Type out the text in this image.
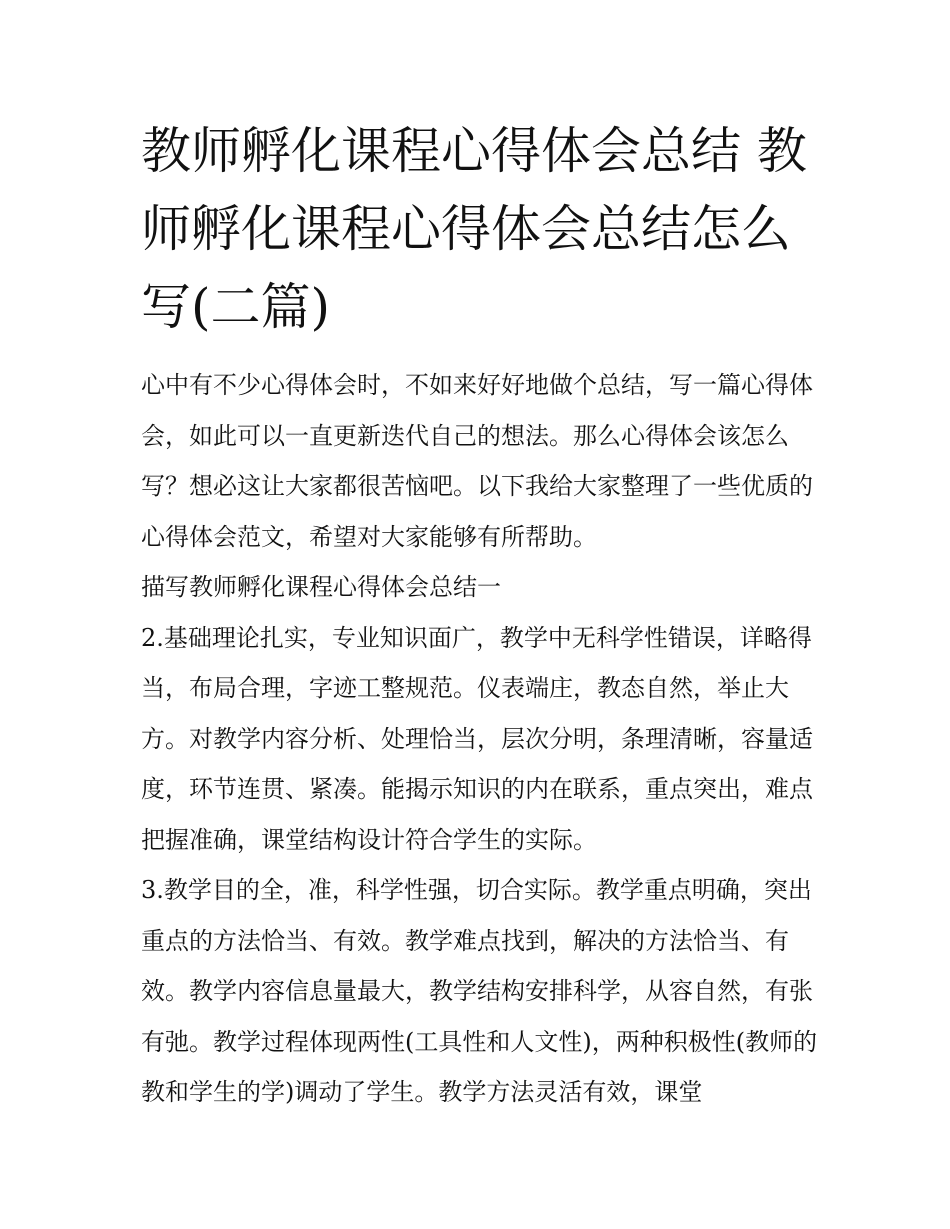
教师孵化课程心得体会总结 教师孵化课程心得体会总结怎么写(二篇)

心中有不少心得体会时，不如来好好地做个总结，写一篇心得体会，如此可以一直更新迭代自己的想法。那么心得体会该怎么写？想必这让大家都很苦恼吧。以下我给大家整理了一些优质的心得体会范文，希望对大家能够有所帮助。

描写教师孵化课程心得体会总结一

2.基础理论扎实，专业知识面广，教学中无科学性错误，详略得当，布局合理，字迹工整规范。仪表端庄，教态自然，举止大方。对教学内容分析、处理恰当，层次分明，条理清晰，容量适度，环节连贯、紧凑。能揭示知识的内在联系，重点突出，难点把握准确，课堂结构设计符合学生的实际。

3.教学目的全，准，科学性强，切合实际。教学重点明确，突出重点的方法恰当、有效。教学难点找到，解决的方法恰当、有效。教学内容信息量最大，教学结构安排科学，从容自然，有张有弛。教学过程体现两性(工具性和人文性)，两种积极性(教师的教和学生的学)调动了学生。教学方法灵活有效，课堂
